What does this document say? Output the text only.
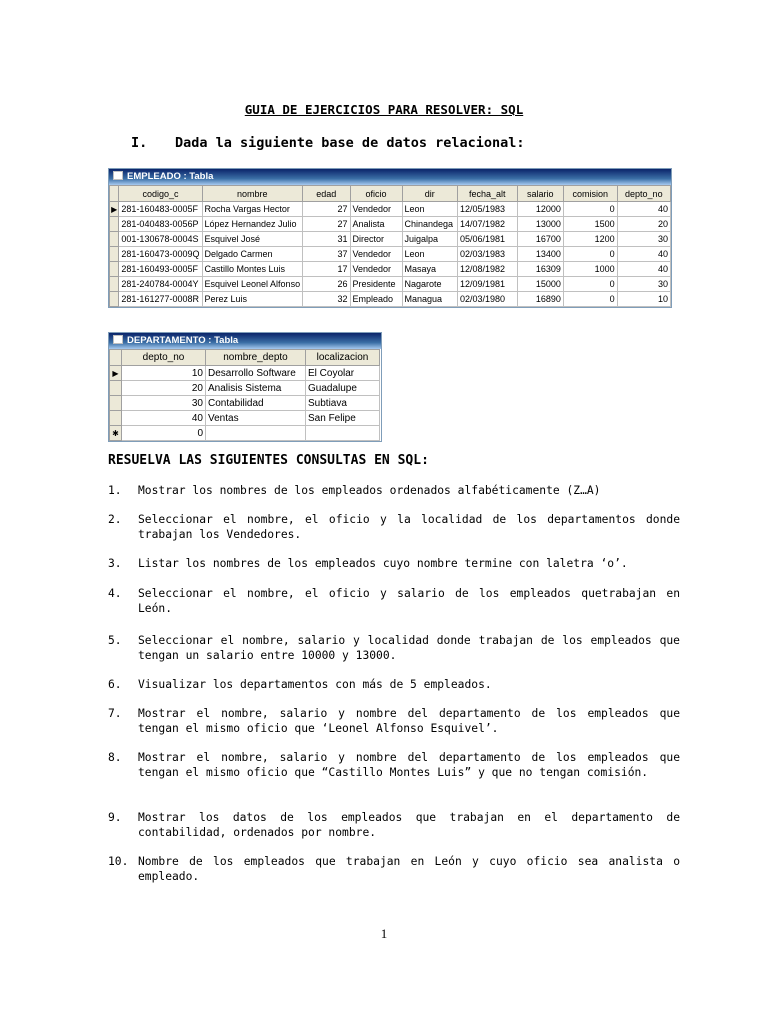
GUIA DE EJERCICIOS PARA RESOLVER: SQL
I. Dada la siguiente base de datos relacional:
EMPLEADO : Tabla
	codigo_c	nombre	edad	oficio	dir	fecha_alt	salario	comision	depto_no
▶	281-160483-0005F	Rocha Vargas Hector	27	Vendedor	Leon	12/05/1983	12000	0	40
	281-040483-0056P	López Hernandez Julio	27	Analista	Chinandega	14/07/1982	13000	1500	20
	001-130678-0004S	Esquivel José	31	Director	Juigalpa	05/06/1981	16700	1200	30
	281-160473-0009Q	Delgado Carmen	37	Vendedor	Leon	02/03/1983	13400	0	40
	281-160493-0005F	Castillo Montes Luis	17	Vendedor	Masaya	12/08/1982	16309	1000	40
	281-240784-0004Y	Esquivel Leonel Alfonso	26	Presidente	Nagarote	12/09/1981	15000	0	30
	281-161277-0008R	Perez Luis	32	Empleado	Managua	02/03/1980	16890	0	10
DEPARTAMENTO : Tabla
	depto_no	nombre_depto	localizacion
▶	10	Desarrollo Software	El Coyolar
	20	Analisis Sistema	Guadalupe
	30	Contabilidad	Subtiava
	40	Ventas	San Felipe
✱	0		
RESUELVA LAS SIGUIENTES CONSULTAS EN SQL:
1. Mostrar los nombres de los empleados ordenados alfabéticamente (Z…A)
2. Seleccionar el nombre, el oficio y la localidad de los departamentos donde trabajan los Vendedores.
3. Listar los nombres de los empleados cuyo nombre termine con laletra ‘o’.
4. Seleccionar el nombre, el oficio y salario de los empleados quetrabajan en León.
5. Seleccionar el nombre, salario y localidad donde trabajan de los empleados que tengan un salario entre 10000 y 13000.
6. Visualizar los departamentos con más de 5 empleados.
7. Mostrar el nombre, salario y nombre del departamento de los empleados que tengan el mismo oficio que ‘Leonel Alfonso Esquivel’.
8. Mostrar el nombre, salario y nombre del departamento de los empleados que tengan el mismo oficio que “Castillo Montes Luis” y que no tengan comisión.
9. Mostrar los datos de los empleados que trabajan en el departamento de contabilidad, ordenados por nombre.
10. Nombre de los empleados que trabajan en León y cuyo oficio sea analista o empleado.
1
